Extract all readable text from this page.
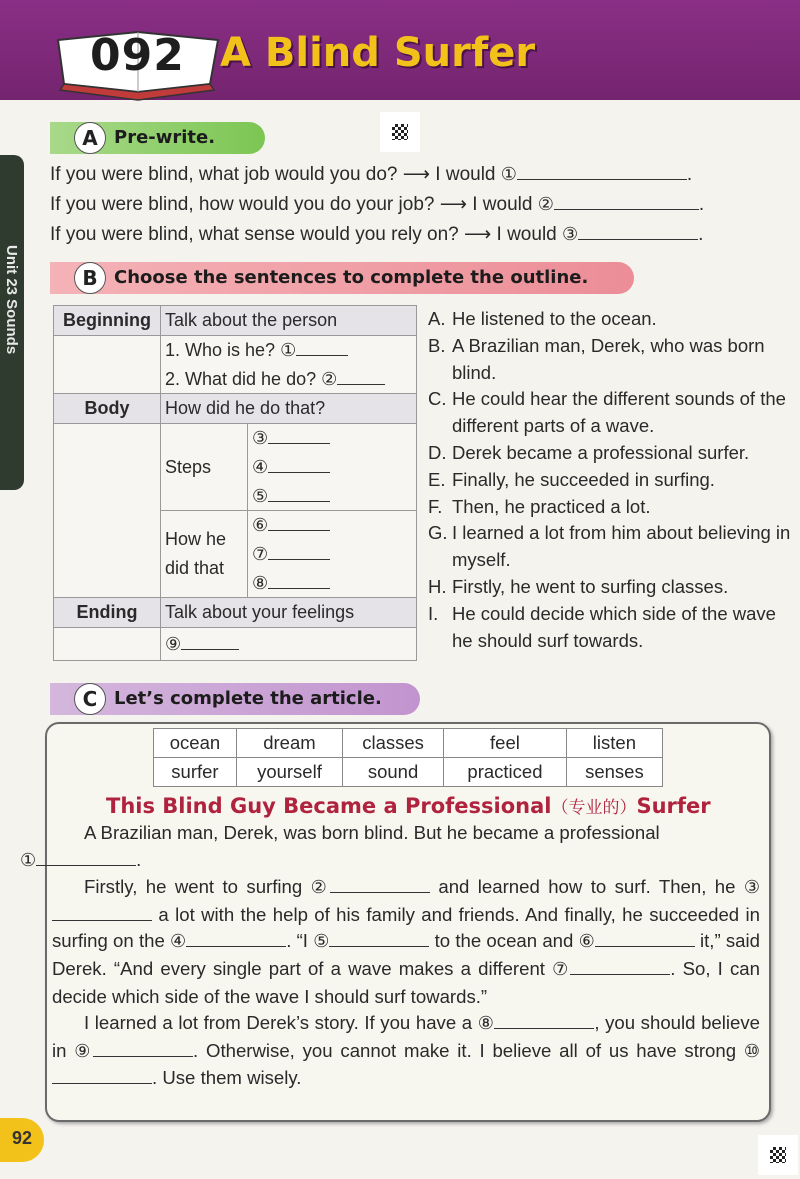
092 A Blind Surfer
Unit 23 Sounds
A Pre-write.
If you were blind, what job would you do? ⟶ I would ①	.
If you were blind, how would you do your job? ⟶ I would ②	.
If you were blind, what sense would you rely on? ⟶ I would ③	.
B Choose the sentences to complete the outline.
Beginning	Talk about the person	
	1. Who is he? ①	
	2. What did he do? ②	
Body	How did he do that?	
	Steps	③
		④
		⑤

	How he did that	⑥
		⑦
		⑧
Ending	Talk about your feelings	
	⑨	
A. He listened to the ocean.
B. A Brazilian man, Derek, who was born blind.
C. He could hear the different sounds of the different parts of a wave.
D. Derek became a professional surfer.
E. Finally, he succeeded in surfing.
F. Then, he practiced a lot.
G. I learned a lot from him about believing in myself.
H. Firstly, he went to surfing classes.
I. He could decide which side of the wave he should surf towards.
C Let’s complete the article.
ocean	dream	classes	feel	listen
surfer	yourself	sound	practiced	senses
This Blind Guy Became a Professional（专业的）Surfer

A Brazilian man, Derek, was born blind. But he became a professional
①	.

Firstly, he went to surfing ②	and learned how to surf. Then, he ③ a lot with the help of his family and friends. And finally, he succeeded in surfing on the ④	. “I ⑤	to the ocean and ⑥	it,” said Derek. “And every single part of a wave makes a different ⑦	. So, I can decide which side of the wave I should surf towards.”

I learned a lot from Derek’s story. If you have a ⑧	, you should believe in ⑨	. Otherwise, you cannot make it. I believe all of us have strong ⑩. Use them wisely.

92
